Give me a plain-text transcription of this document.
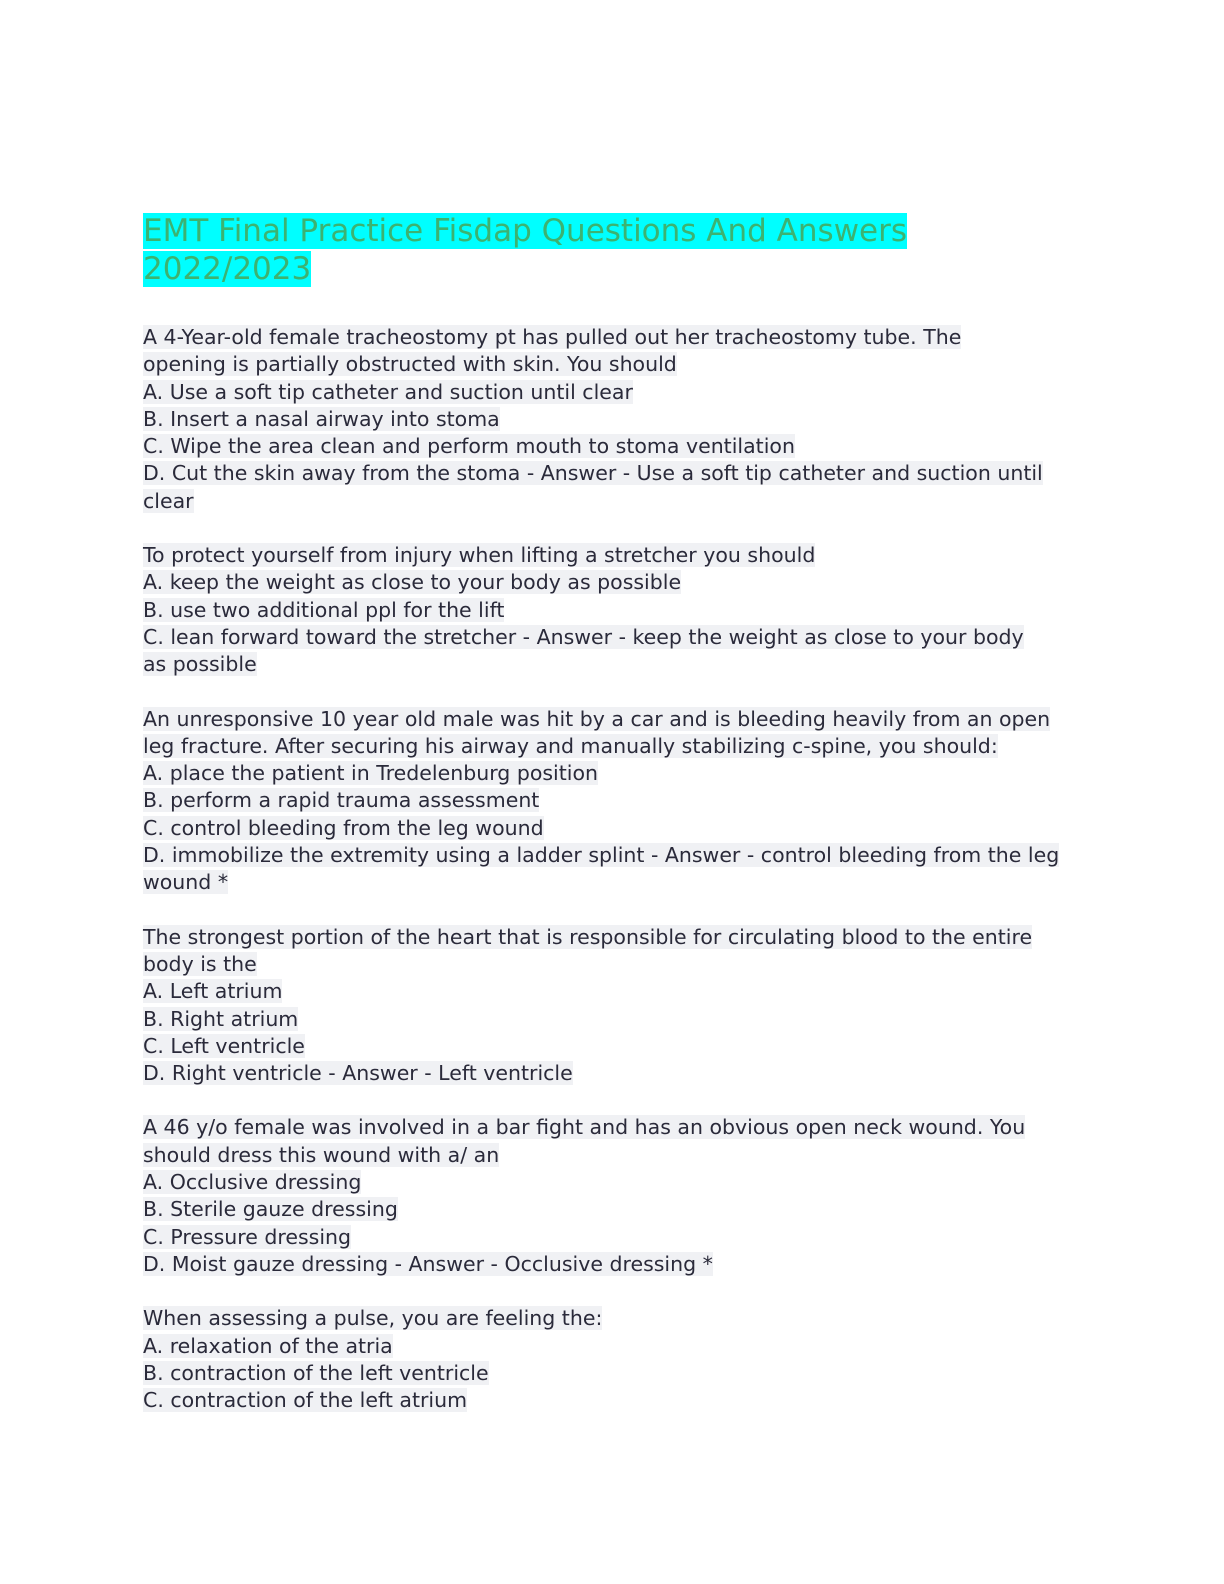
EMT Final Practice Fisdap Questions And Answers
2022/2023
A 4-Year-old female tracheostomy pt has pulled out her tracheostomy tube. The
opening is partially obstructed with skin. You should
A. Use a soft tip catheter and suction until clear
B. Insert a nasal airway into stoma
C. Wipe the area clean and perform mouth to stoma ventilation
D. Cut the skin away from the stoma - Answer - Use a soft tip catheter and suction until
clear
To protect yourself from injury when lifting a stretcher you should
A. keep the weight as close to your body as possible
B. use two additional ppl for the lift
C. lean forward toward the stretcher - Answer - keep the weight as close to your body
as possible
An unresponsive 10 year old male was hit by a car and is bleeding heavily from an open
leg fracture. After securing his airway and manually stabilizing c-spine, you should:
A. place the patient in Tredelenburg position
B. perform a rapid trauma assessment
C. control bleeding from the leg wound
D. immobilize the extremity using a ladder splint - Answer - control bleeding from the leg
wound *
The strongest portion of the heart that is responsible for circulating blood to the entire
body is the
A. Left atrium
B. Right atrium
C. Left ventricle
D. Right ventricle - Answer - Left ventricle
A 46 y/o female was involved in a bar fight and has an obvious open neck wound. You
should dress this wound with a/ an
A. Occlusive dressing
B. Sterile gauze dressing
C. Pressure dressing
D. Moist gauze dressing - Answer - Occlusive dressing *
When assessing a pulse, you are feeling the:
A. relaxation of the atria
B. contraction of the left ventricle
C. contraction of the left atrium
